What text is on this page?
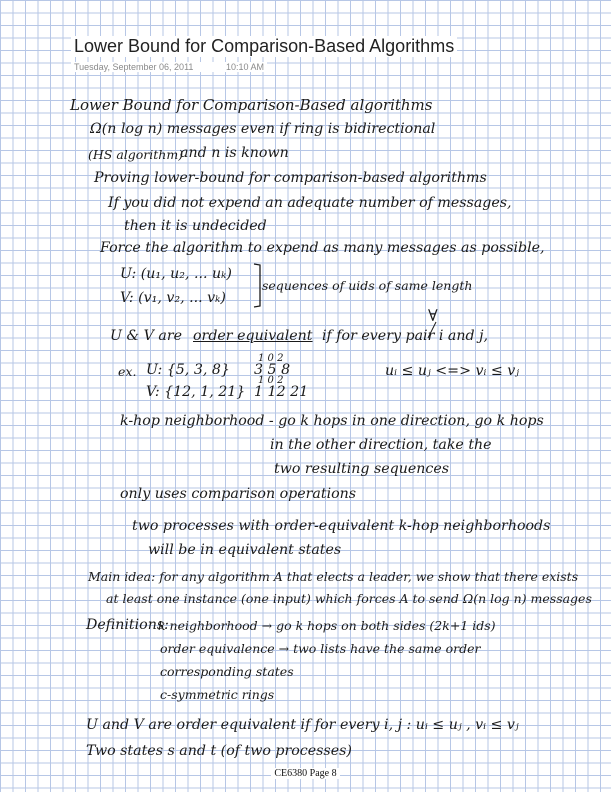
Lower Bound for Comparison-Based Algorithms
Tuesday, September 06, 2011	10:10 AM
Lower Bound for Comparison-Based algorithms
Ω(n log n) messages even if ring is bidirectional
(HS algorithm)
and n is known
Proving lower-bound for comparison-based algorithms
If you did not expend an adequate number of messages,
then it is undecided
Force the algorithm to expend as many messages as possible,
U: (u₁, u₂, ... uₖ)
V: (v₁, v₂, ... vₖ)
sequences of uids of same length
∀
U & V are order equivalent if for every pair i and j,
uᵢ ≤ uⱼ <=> vᵢ ≤ vⱼ
ex. U: {5, 3, 8}
V: {12, 1, 21}
1 0 2
3 5 8
1 0 2
1 12 21
k-hop neighborhood - go k hops in one direction, go k hops
in the other direction, take the
two resulting sequences
only uses comparison operations
two processes with order-equivalent k-hop neighborhoods
will be in equivalent states
Main idea: for any algorithm A that elects a leader, we show that there exists
at least one instance (one input) which forces A to send Ω(n log n) messages
Definitions:
k neighborhood → go k hops on both sides (2k+1 ids)
order equivalence → two lists have the same order
corresponding states
c-symmetric rings
U and V are order equivalent if for every i, j : uᵢ ≤ uⱼ , vᵢ ≤ vⱼ
Two states s and t (of two processes)
CE6380 Page 8
